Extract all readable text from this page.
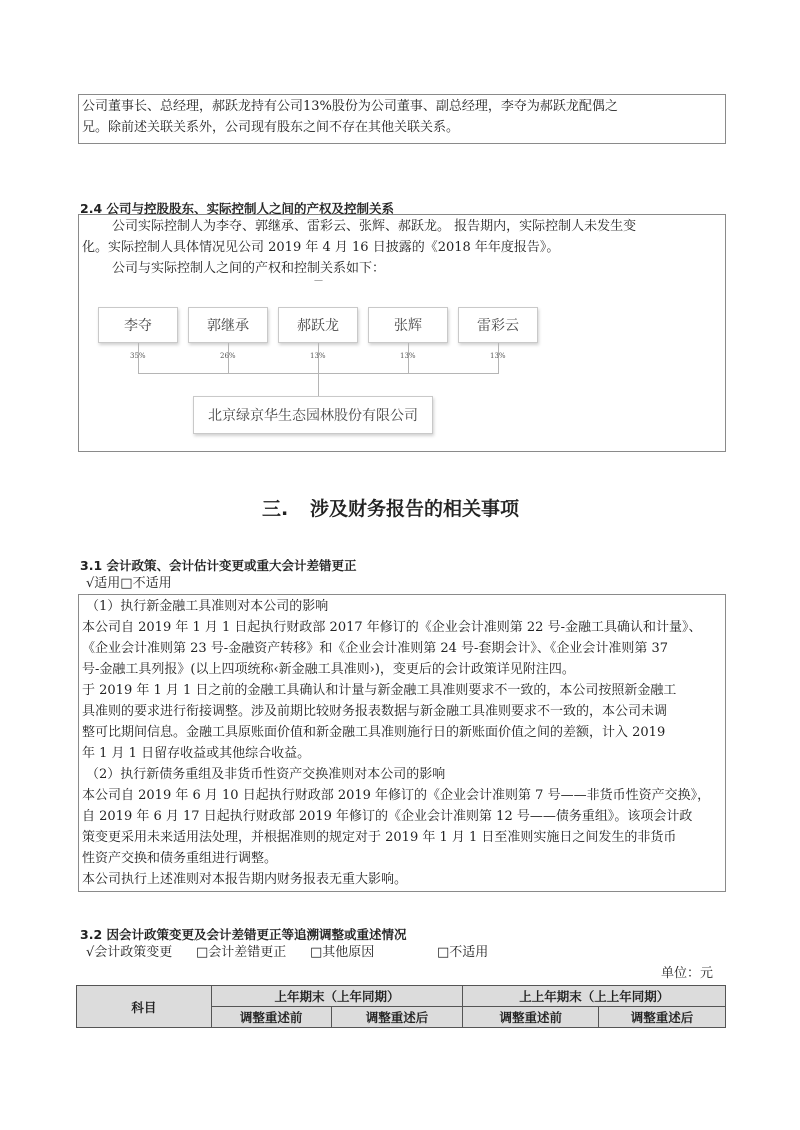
公司董事长、总经理，郝跃龙持有公司13%股份为公司董事、副总经理，李夺为郝跃龙配偶之
兄。除前述关联关系外，公司现有股东之间不存在其他关联关系。
2.4 公司与控股股东、实际控制人之间的产权及控制关系
公司实际控制人为李夺、郭继承、雷彩云、张辉、郝跃龙。 报告期内，实际控制人未发生变
化。实际控制人具体情况见公司 2019 年 4 月 16 日披露的《2018 年年度报告》。
公司与实际控制人之间的产权和控制关系如下：
—
李夺	郭继承	郝跃龙	张辉	雷彩云
35%	26%	13%	13%	13%
北京绿京华生态园林股份有限公司
三. 涉及财务报告的相关事项
3.1 会计政策、会计估计变更或重大会计差错更正
√适用□不适用
（1）执行新金融工具准则对本公司的影响
本公司自 2019 年 1 月 1 日起执行财政部 2017 年修订的《企业会计准则第 22 号-金融工具确认和计量》、
《企业会计准则第 23 号-金融资产转移》和《企业会计准则第 24 号-套期会计》、《企业会计准则第 37
号-金融工具列报》(以上四项统称‹新金融工具准则›)，变更后的会计政策详见附注四。
于 2019 年 1 月 1 日之前的金融工具确认和计量与新金融工具准则要求不一致的，本公司按照新金融工
具准则的要求进行衔接调整。涉及前期比较财务报表数据与新金融工具准则要求不一致的，本公司未调
整可比期间信息。金融工具原账面价值和新金融工具准则施行日的新账面价值之间的差额，计入 2019
年 1 月 1 日留存收益或其他综合收益。
（2）执行新债务重组及非货币性资产交换准则对本公司的影响
本公司自 2019 年 6 月 10 日起执行财政部 2019 年修订的《企业会计准则第 7 号——非货币性资产交换》，
自 2019 年 6 月 17 日起执行财政部 2019 年修订的《企业会计准则第 12 号——债务重组》。该项会计政
策变更采用未来适用法处理，并根据准则的规定对于 2019 年 1 月 1 日至准则实施日之间发生的非货币
性资产交换和债务重组进行调整。
本公司执行上述准则对本报告期内财务报表无重大影响。
3.2 因会计政策变更及会计差错更正等追溯调整或重述情况
√会计政策变更 □会计差错更正 □其他原因	□不适用
单位：元
科目	上年期末（上年同期）		上上年期末（上上年同期）	
	调整重述前	调整重述后	调整重述前	调整重述后
